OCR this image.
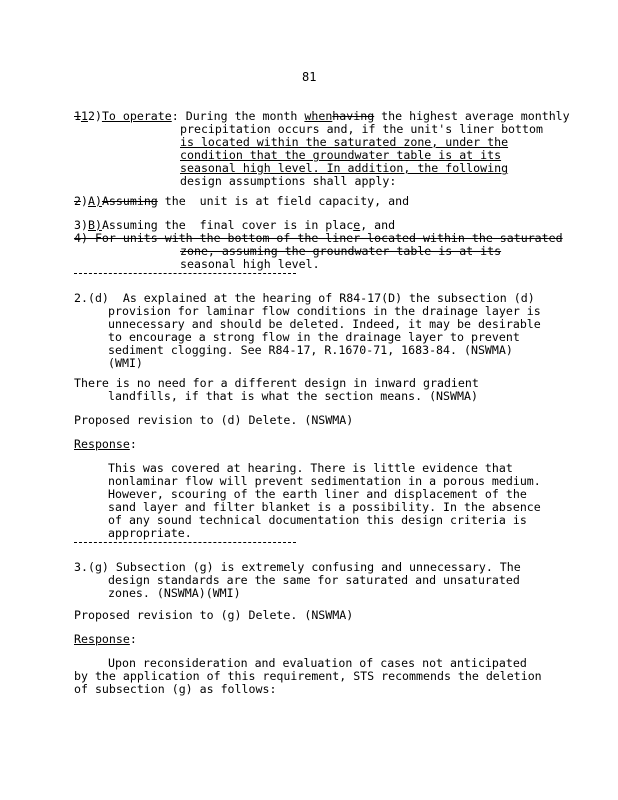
81
112)To operate: During the month whenhaving the highest average monthly
precipitation occurs and, if the unit's liner bottom
is located within the saturated zone, under the
condition that the groundwater table is at its
seasonal high level. In addition, the following
design assumptions shall apply:
2)A)Assuming the  unit is at field capacity, and
3)B)Assuming the  final cover is in place, and
4) For units with the bottom of the liner located within the saturated
zone, assuming the groundwater table is at its
seasonal high level.
2.(d)  As explained at the hearing of R84-17(D) the subsection (d)
provision for laminar flow conditions in the drainage layer is
unnecessary and should be deleted. Indeed, it may be desirable
to encourage a strong flow in the drainage layer to prevent
sediment clogging. See R84-17, R.1670-71, 1683-84. (NSWMA)
(WMI)
There is no need for a different design in inward gradient
landfills, if that is what the section means. (NSWMA)
Proposed revision to (d) Delete. (NSWMA)
Response:
This was covered at hearing. There is little evidence that
nonlaminar flow will prevent sedimentation in a porous medium.
However, scouring of the earth liner and displacement of the
sand layer and filter blanket is a possibility. In the absence
of any sound technical documentation this design criteria is
appropriate.
3.(g) Subsection (g) is extremely confusing and unnecessary. The
design standards are the same for saturated and unsaturated
zones. (NSWMA)(WMI)
Proposed revision to (g) Delete. (NSWMA)
Response:
Upon reconsideration and evaluation of cases not anticipated
by the application of this requirement, STS recommends the deletion
of subsection (g) as follows:
